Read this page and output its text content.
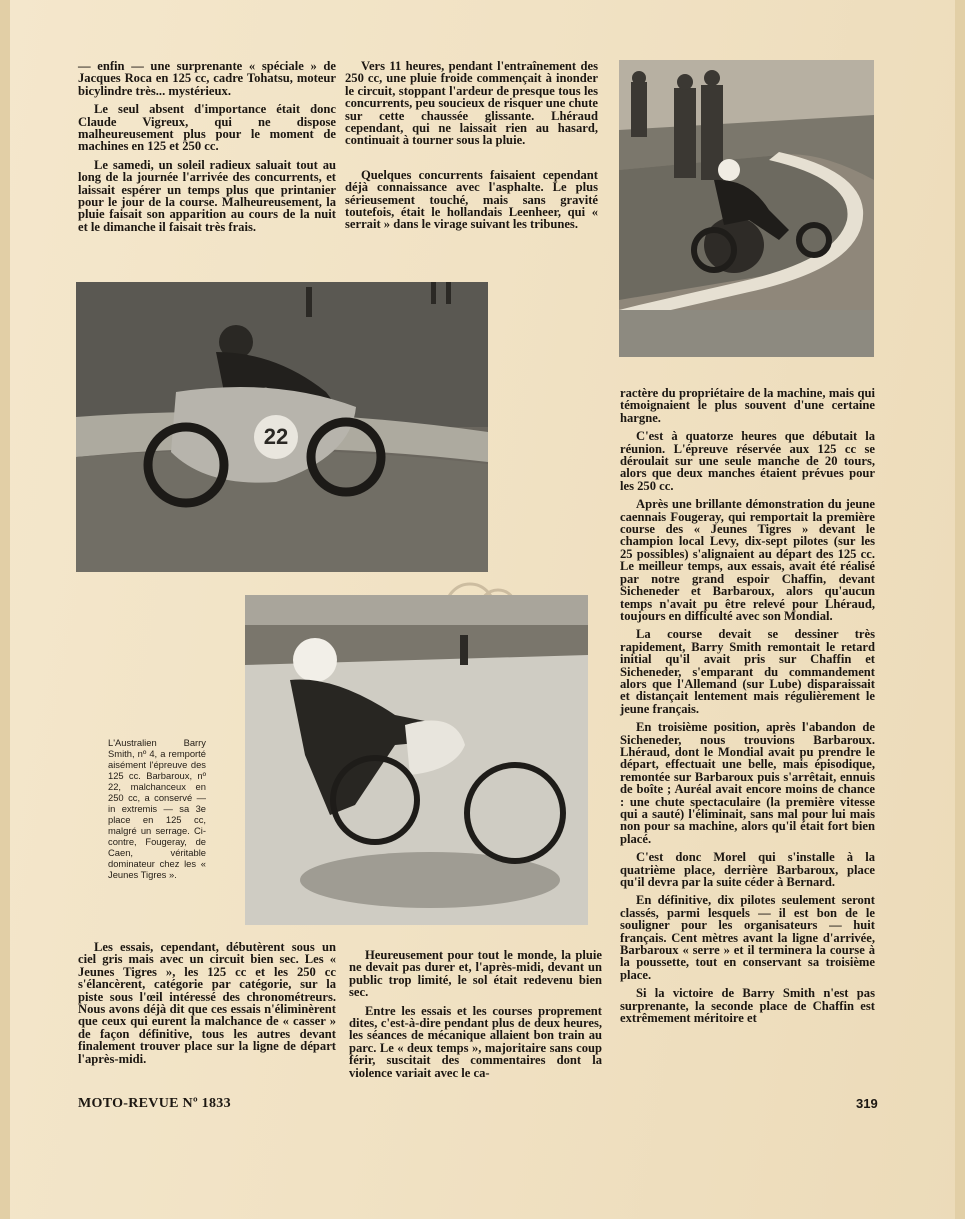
— enfin — une surprenante « spéciale » de Jacques Roca en 125 cc, cadre Tohatsu, moteur bicylindre très... mystérieux.

Le seul absent d'importance était donc Claude Vigreux, qui ne dispose malheureusement plus pour le moment de machines en 125 et 250 cc.

Le samedi, un soleil radieux saluait tout au long de la journée l'arrivée des concurrents, et laissait espérer un temps plus que printanier pour le jour de la course. Malheureusement, la pluie faisait son apparition au cours de la nuit et le dimanche il faisait très frais.

Vers 11 heures, pendant l'entraînement des 250 cc, une pluie froide commençait à inonder le circuit, stoppant l'ardeur de presque tous les concurrents, peu soucieux de risquer une chute sur cette chaussée glissante. Lhéraud cependant, qui ne laissait rien au hasard, continuait à tourner sous la pluie.

Quelques concurrents faisaient cependant déjà connaissance avec l'asphalte. Le plus sérieusement touché, mais sans gravité toutefois, était le hollandais Leenheer, qui « serrait » dans le virage suivant les tribunes.

22

ractère du propriétaire de la machine, mais qui témoignaient le plus souvent d'une certaine hargne.

C'est à quatorze heures que débutait la réunion. L'épreuve réservée aux 125 cc se déroulait sur une seule manche de 20 tours, alors que deux manches étaient prévues pour les 250 cc.

Après une brillante démonstration du jeune caennais Fougeray, qui remportait la première course des « Jeunes Tigres » devant le champion local Levy, dix-sept pilotes (sur les 25 possibles) s'alignaient au départ des 125 cc. Le meilleur temps, aux essais, avait été réalisé par notre grand espoir Chaffin, devant Sicheneder et Barbaroux, alors qu'aucun temps n'avait pu être relevé pour Lhéraud, toujours en difficulté avec son Mondial.

La course devait se dessiner très rapidement, Barry Smith remontait le retard initial qu'il avait pris sur Chaffin et Sicheneder, s'emparant du commandement alors que l'Allemand (sur Lube) disparaissait et distançait lentement mais régulièrement le jeune français.

En troisième position, après l'abandon de Sicheneder, nous trouvions Barbaroux. Lhéraud, dont le Mondial avait pu prendre le départ, effectuait une belle, mais épisodique, remontée sur Barbaroux puis s'arrêtait, ennuis de boîte ; Auréal avait encore moins de chance : une chute spectaculaire (la première vitesse qui a sauté) l'éliminait, sans mal pour lui mais non pour sa machine, alors qu'il était fort bien placé.

C'est donc Morel qui s'installe à la quatrième place, derrière Barbaroux, place qu'il devra par la suite céder à Bernard.

En définitive, dix pilotes seulement seront classés, parmi lesquels — il est bon de le souligner pour les organisateurs — huit français. Cent mètres avant la ligne d'arrivée, Barbaroux « serre » et il terminera la course à la poussette, tout en conservant sa troisième place.

Si la victoire de Barry Smith n'est pas surprenante, la seconde place de Chaffin est extrêmement méritoire et

L'Australien Barry Smith, nº 4, a remporté aisément l'épreuve des 125 cc. Barbaroux, nº 22, malchanceux en 250 cc, a conservé — in extremis — sa 3e place en 125 cc, malgré un serrage. Ci-contre, Fougeray, de Caen, véritable dominateur chez les « Jeunes Tigres ».

Les essais, cependant, débutèrent sous un ciel gris mais avec un circuit bien sec. Les « Jeunes Tigres », les 125 cc et les 250 cc s'élancèrent, catégorie par catégorie, sur la piste sous l'œil intéressé des chronométreurs. Nous avons déjà dit que ces essais n'éliminèrent que ceux qui eurent la malchance de « casser » de façon définitive, tous les autres devant finalement trouver place sur la ligne de départ l'après-midi.

Heureusement pour tout le monde, la pluie ne devait pas durer et, l'après-midi, devant un public trop limité, le sol était redevenu bien sec.

Entre les essais et les courses proprement dites, c'est-à-dire pendant plus de deux heures, les séances de mécanique allaient bon train au parc. Le « deux temps », majoritaire sans coup férir, suscitait des commentaires dont la violence variait avec le ca-

MOTO-REVUE Nº 1833	319
